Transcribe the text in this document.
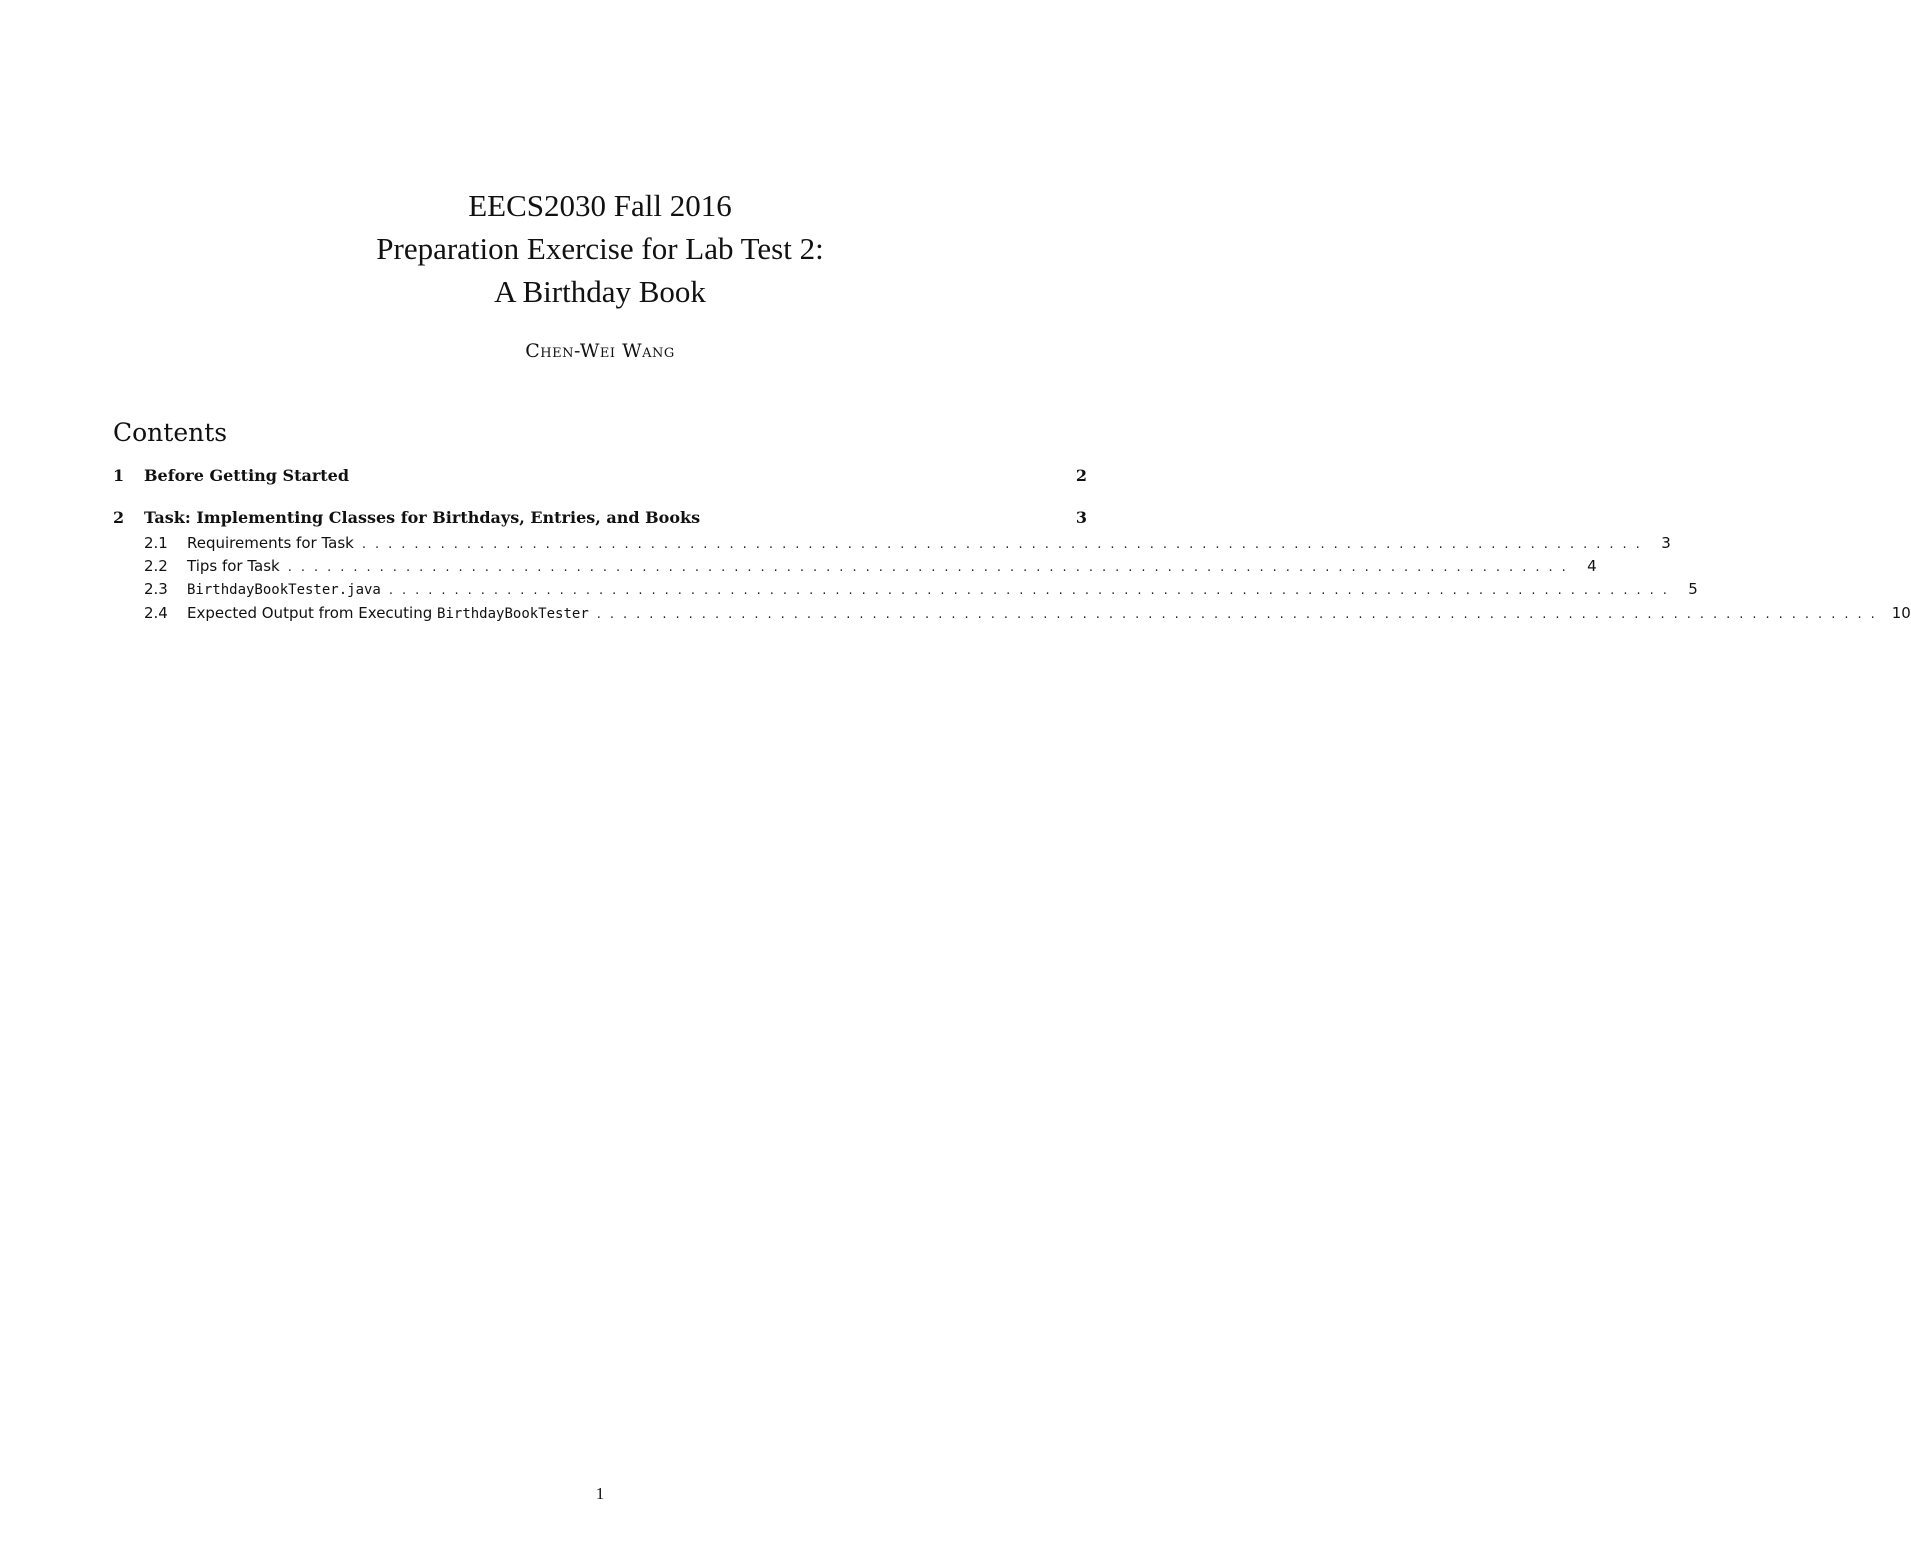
EECS2030 Fall 2016
Preparation Exercise for Lab Test 2:
A Birthday Book
Chen-Wei Wang
Contents
1	Before Getting Started	2
2	Task: Implementing Classes for Birthdays, Entries, and Books	3
2.1	Requirements for Task .................................................................................................. 3
2.2	Tips for Task .................................................................................................. 4
2.3	BirthdayBookTester.java .................................................................................................. 5
2.4	Expected Output from Executing BirthdayBookTester .................................................................................................. 10
1
